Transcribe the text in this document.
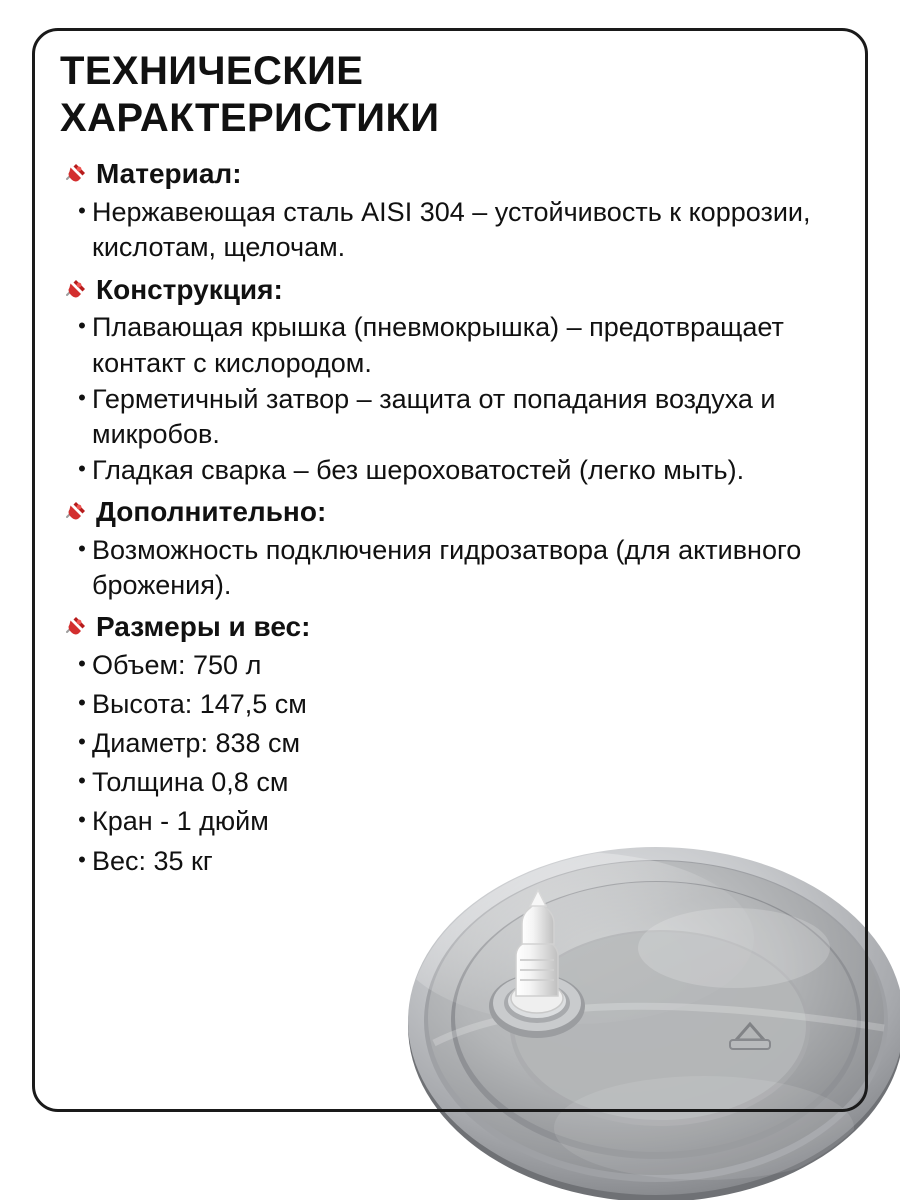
ТЕХНИЧЕСКИЕ ХАРАКТЕРИСТИКИ
Материал:
• Нержавеющая сталь AISI 304 – устойчивость к коррозии, кислотам, щелочам.
Конструкция:
• Плавающая крышка (пневмокрышка) – предотвращает контакт с кислородом.
• Герметичный затвор – защита от попадания воздуха и микробов.
• Гладкая сварка – без шероховатостей (легко мыть).
Дополнительно:
• Возможность подключения гидрозатвора (для активного брожения).
Размеры и вес:
• Объем: 750 л
• Высота: 147,5 см
• Диаметр: 838 см
• Толщина 0,8 см
• Кран - 1 дюйм
• Вес: 35 кг
